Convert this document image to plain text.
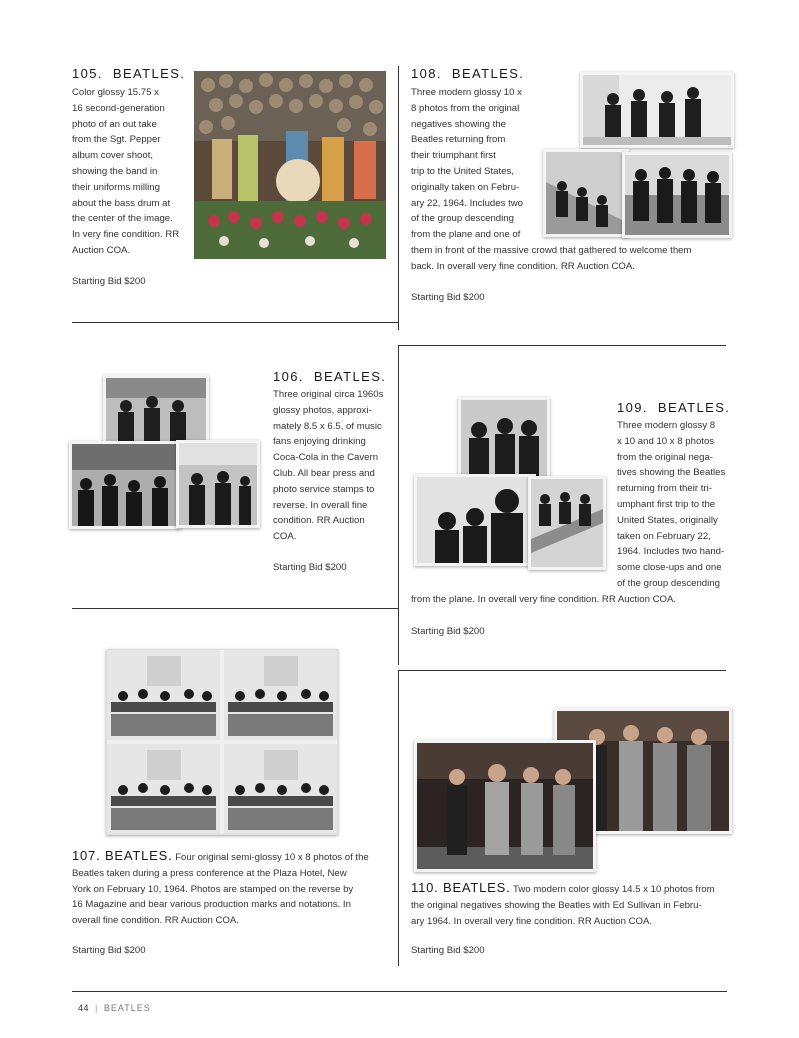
105. BEATLES.
Color glossy 15.75 x
16 second-generation
photo of an out take
from the Sgt. Pepper
album cover shoot,
showing the band in
their uniforms milling
about the bass drum at
the center of the image.
In very fine condition. RR
Auction COA.
Starting Bid $200
108. BEATLES.
Three modern glossy 10 x
8 photos from the original
negatives showing the
Beatles returning from
their triumphant first
trip to the United States,
originally taken on Febru-
ary 22, 1964. Includes two
of the group descending
from the plane and one of
them in front of the massive crowd that gathered to welcome them
back. In overall very fine condition. RR Auction COA.
Starting Bid $200
106. BEATLES.
Three original circa 1960s
glossy photos, approxi-
mately 8.5 x 6.5, of music
fans enjoying drinking
Coca-Cola in the Cavern
Club. All bear press and
photo service stamps to
reverse. In overall fine
condition. RR Auction
COA.
Starting Bid $200
109. BEATLES.
Three modern glossy 8
x 10 and 10 x 8 photos
from the original nega-
tives showing the Beatles
returning from their tri-
umphant first trip to the
United States, originally
taken on February 22,
1964. Includes two hand-
some close-ups and one
of the group descending
from the plane. In overall very fine condition. RR Auction COA.
Starting Bid $200
107. BEATLES. Four original semi-glossy 10 x 8 photos of the
Beatles taken during a press conference at the Plaza Hotel, New
York on February 10, 1964. Photos are stamped on the reverse by
16 Magazine and bear various production marks and notations. In
overall fine condition. RR Auction COA.
Starting Bid $200
110. BEATLES. Two modern color glossy 14.5 x 10 photos from
the original negatives showing the Beatles with Ed Sullivan in Febru-
ary 1964. In overall very fine condition. RR Auction COA.
Starting Bid $200
44 | BEATLES
